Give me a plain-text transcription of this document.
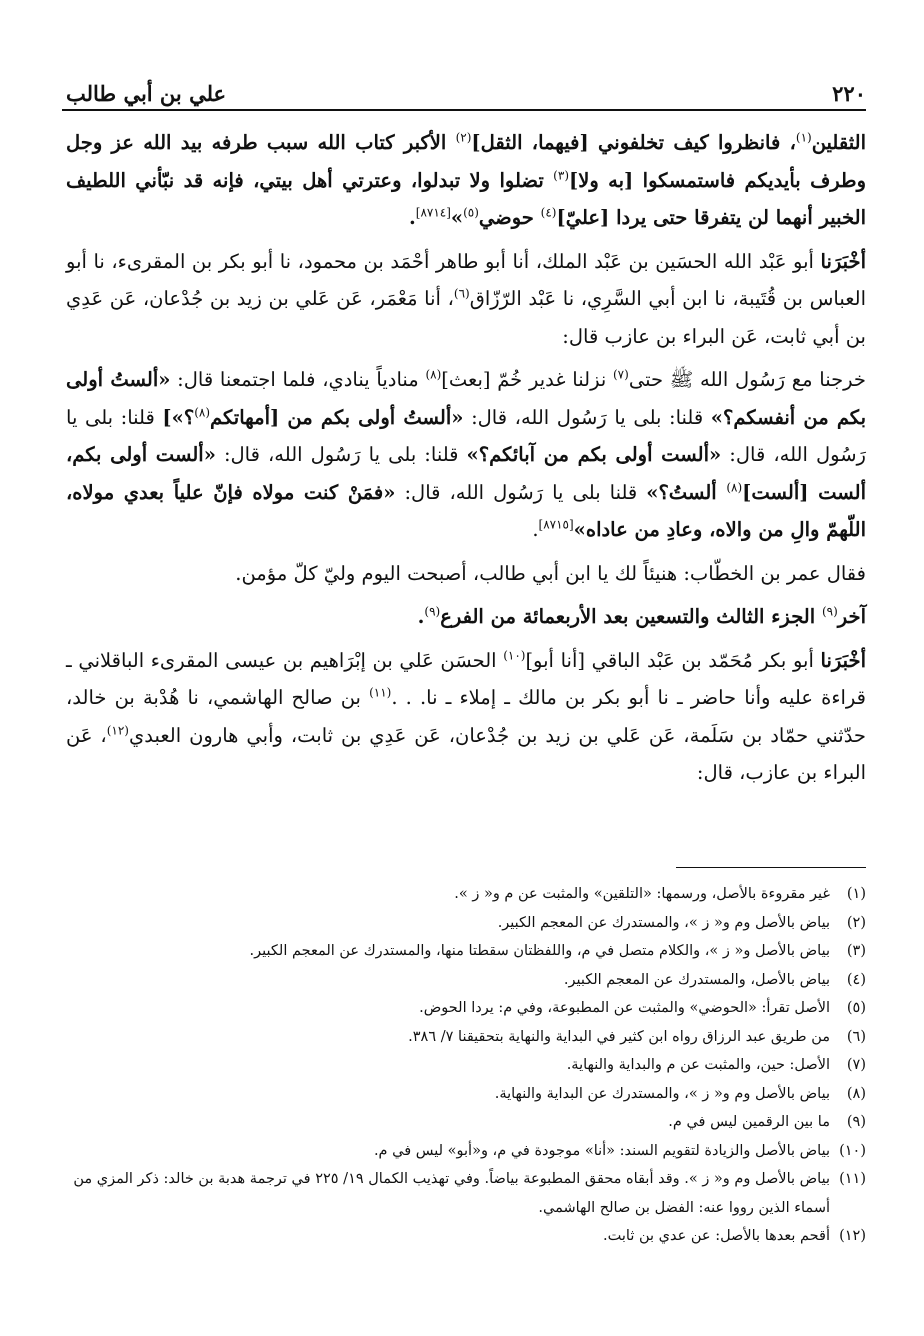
٢٢٠
علي بن أبي طالب

الثقلين$^{(١)}$، فانظروا كيف تخلفوني [فيهما، الثقل]$^{(٢)}$ الأكبر كتاب الله سبب طرفه بيد الله عز وجل وطرف بأيديكم فاستمسكوا [به ولا]$^{(٣)}$ تضلوا ولا تبدلوا، وعترتي أهل بيتي، فإنه قد نبّأني اللطيف الخبير أنهما لن يتفرقا حتى يردا [عليّ]$^{(٤)}$ حوضي$^{(٥)}$»[٨٧١٤].

أخْبَرَنا أبو عَبْد الله الحسَين بن عَبْد الملك، أنا أبو طاهر أحْمَد بن محمود، نا أبو بكر بن المقرىء، نا أبو العباس بن قُتَيبة، نا ابن أبي السَّرِي، نا عَبْد الرّزّاق$^{(٦)}$، أنا مَعْمَر، عَن عَلي بن زيد بن جُدْعان، عَن عَدِي بن أبي ثابت، عَن البراء بن عازب قال:

خرجنا مع رَسُول الله ﷺ حتى$^{(٧)}$ نزلنا غدير خُمّ [بعث]$^{(٨)}$ منادياً ينادي، فلما اجتمعنا قال: «ألستُ أولى بكم من أنفسكم؟» قلنا: بلى يا رَسُول الله، قال: «ألستُ أولى بكم من [أمهاتكم$^{(٨)}$؟»] قلنا: بلى يا رَسُول الله، قال: «ألست أولى بكم من آبائكم؟» قلنا: بلى يا رَسُول الله، قال: «ألست أولى بكم، ألست [ألست]$^{(٨)}$ ألستُ؟» قلنا بلى يا رَسُول الله، قال: «فمَنْ كنت مولاه فإنّ علياً بعدي مولاه، اللّهمّ والِ من والاه، وعادِ من عاداه»[٨٧١٥].

فقال عمر بن الخطّاب: هنيئاً لك يا ابن أبي طالب، أصبحت اليوم وليّ كلّ مؤمن.

آخر$^{(٩)}$ الجزء الثالث والتسعين بعد الأربعمائة من الفرع$^{(٩)}$.

أخْبَرَنا أبو بكر مُحَمّد بن عَبْد الباقي [أنا أبو]$^{(١٠)}$ الحسَن عَلي بن إبْرَاهيم بن عيسى المقرىء الباقلاني ـ قراءة عليه وأنا حاضر ـ نا أبو بكر بن مالك ـ إملاء ـ نا. . .$^{(١١)}$ بن صالح الهاشمي، نا هُدْبة بن خالد، حدّثني حمّاد بن سَلَمة، عَن عَلي بن زيد بن جُدْعان، عَن عَدِي بن ثابت، وأبي هارون العبدي$^{(١٢)}$، عَن البراء بن عازب، قال:

(١)
غير مقروءة بالأصل، ورسمها: «التلقين» والمثبت عن م و« ز ».
(٢)
بياض بالأصل وم و« ز »، والمستدرك عن المعجم الكبير.
(٣)
بياض بالأصل و« ز »، والكلام متصل في م، واللفظتان سقطتا منها، والمستدرك عن المعجم الكبير.
(٤)
بياض بالأصل، والمستدرك عن المعجم الكبير.
(٥)
الأصل تقرأ: «الحوضي» والمثبت عن المطبوعة، وفي م: يردا الحوض.
(٦)
من طريق عبد الرزاق رواه ابن كثير في البداية والنهاية بتحقيقنا ٧/ ٣٨٦.
(٧)
الأصل: حين، والمثبت عن م والبداية والنهاية.
(٨)
بياض بالأصل وم و« ز »، والمستدرك عن البداية والنهاية.
(٩)
ما بين الرقمين ليس في م.
(١٠)
بياض بالأصل والزيادة لتقويم السند: «أنا» موجودة في م، و«أبو» ليس في م.
(١١)
بياض بالأصل وم و« ز ». وقد أبقاه محقق المطبوعة بياضاً. وفي تهذيب الكمال ١٩/ ٢٢٥ في ترجمة هدبة بن خالد: ذكر المزي من أسماء الذين رووا عنه: الفضل بن صالح الهاشمي.
(١٢)
أقحم بعدها بالأصل: عن عدي بن ثابت.
